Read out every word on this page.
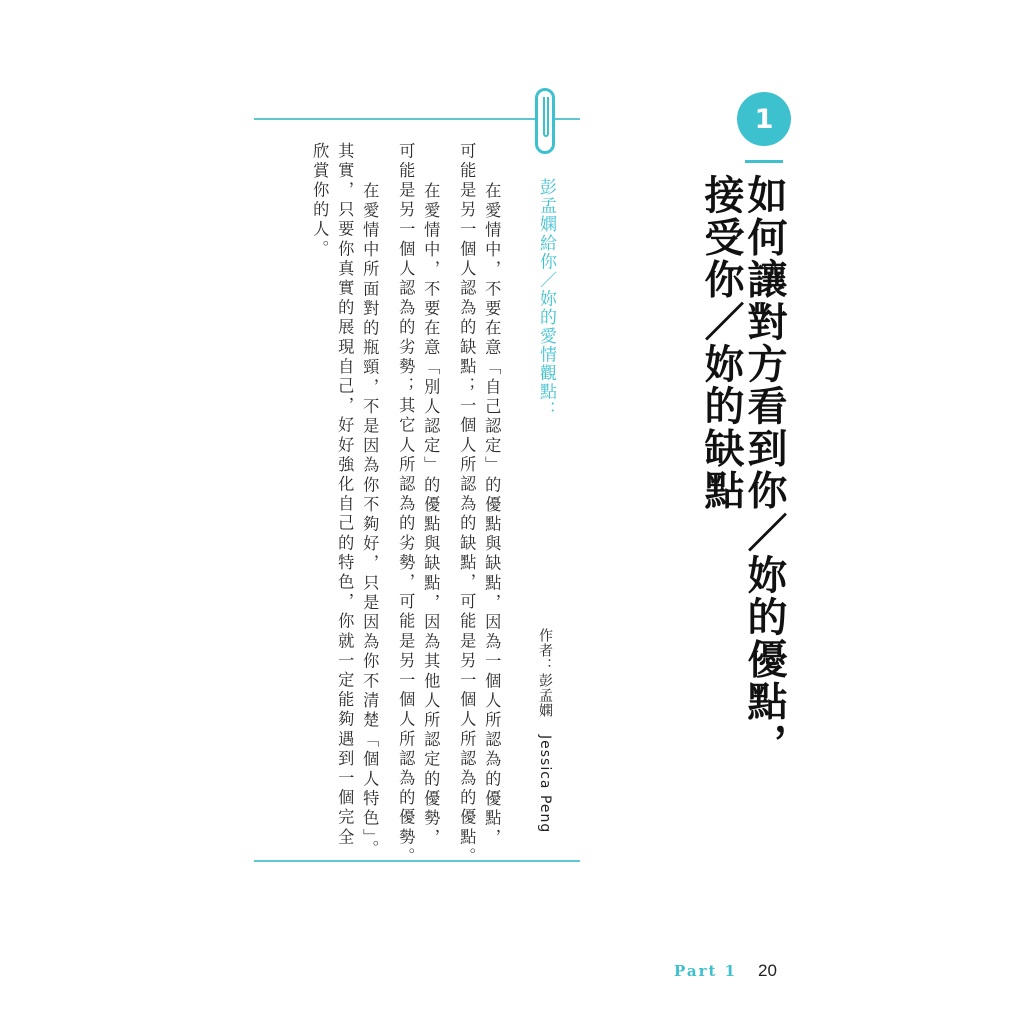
1
如何讓對方看到你／妳的優點，
接受你／妳的缺點
彭孟嫻給你／妳的愛情觀點：
作者：彭孟嫻 Jessica Peng
在愛情中，不要在意「自己認定」的優點與缺點，因為一個人所認為的優點，
可能是另一個人認為的缺點；一個人所認為的缺點，可能是另一個人所認為的優點。
在愛情中，不要在意「別人認定」的優點與缺點，因為其他人所認定的優勢，
可能是另一個人認為的劣勢；其它人所認為的劣勢，可能是另一個人所認為的優勢。
在愛情中所面對的瓶頸，不是因為你不夠好，只是因為你不清楚「個人特色」。
其實，只要你真實的展現自己，好好強化自己的特色，你就一定能夠遇到一個完全
欣賞你的人。
Part 1 20
